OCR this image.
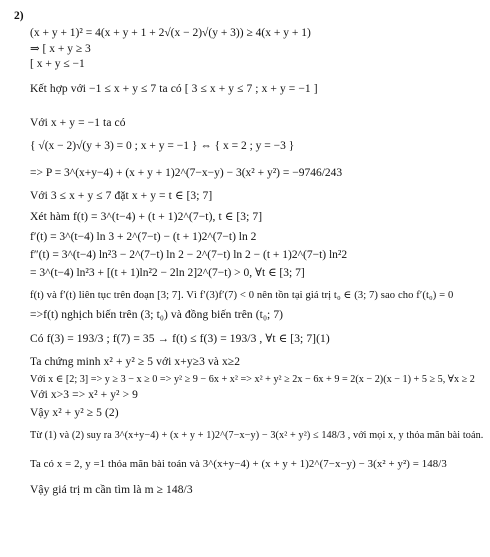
2)
(x + y + 1)² = 4(x + y + 1 + 2√(x − 2)√(y + 3)) ≥ 4(x + y + 1)
⇒ [ x + y ≥ 3
[ x + y ≤ −1
Kết hợp với −1 ≤ x + y ≤ 7 ta có [ 3 ≤ x + y ≤ 7 ; x + y = −1 ]
Với x + y = −1 ta có
{ √(x − 2)√(y + 3) = 0 ; x + y = −1 } ⇔ { x = 2 ; y = −3 }
=> P = 3^(x+y−4) + (x + y + 1)2^(7−x−y) − 3(x² + y²) = −9746/243
Với 3 ≤ x + y ≤ 7 đặt x + y = t ∈ [3; 7]
Xét hàm f(t) = 3^(t−4) + (t + 1)2^(7−t), t ∈ [3; 7]
f′(t) = 3^(t−4) ln 3 + 2^(7−t) − (t + 1)2^(7−t) ln 2
f″(t) = 3^(t−4) ln²3 − 2^(7−t) ln 2 − 2^(7−t) ln 2 − (t + 1)2^(7−t) ln²2
= 3^(t−4) ln²3 + [(t + 1)ln²2 − 2ln 2]2^(7−t) > 0, ∀t ∈ [3; 7]
f(t) và f′(t) liên tục trên đoạn [3; 7]. Vì f′(3)f′(7) < 0 nên tồn tại giá trị t₀ ∈ (3; 7) sao cho f′(t₀) = 0
=>f(t) nghịch biến trên (3; t₀) và đồng biến trên (t₀; 7)
Có f(3) = 193/3 ; f(7) = 35 → f(t) ≤ f(3) = 193/3 , ∀t ∈ [3; 7](1)
Ta chứng minh x² + y² ≥ 5 với x+y≥3 và x≥2
Với x ∈ [2; 3] => y ≥ 3 − x ≥ 0 => y² ≥ 9 − 6x + x² => x² + y² ≥ 2x − 6x + 9 = 2(x − 2)(x − 1) + 5 ≥ 5, ∀x ≥ 2
Với x>3 => x² + y² > 9
Vậy x² + y² ≥ 5 (2)
Từ (1) và (2) suy ra 3^(x+y−4) + (x + y + 1)2^(7−x−y) − 3(x² + y²) ≤ 148/3 , với mọi x, y thỏa mãn bài toán.
Ta có x = 2, y =1 thỏa mãn bài toán và 3^(x+y−4) + (x + y + 1)2^(7−x−y) − 3(x² + y²) = 148/3
Vậy giá trị m cần tìm là m ≥ 148/3
